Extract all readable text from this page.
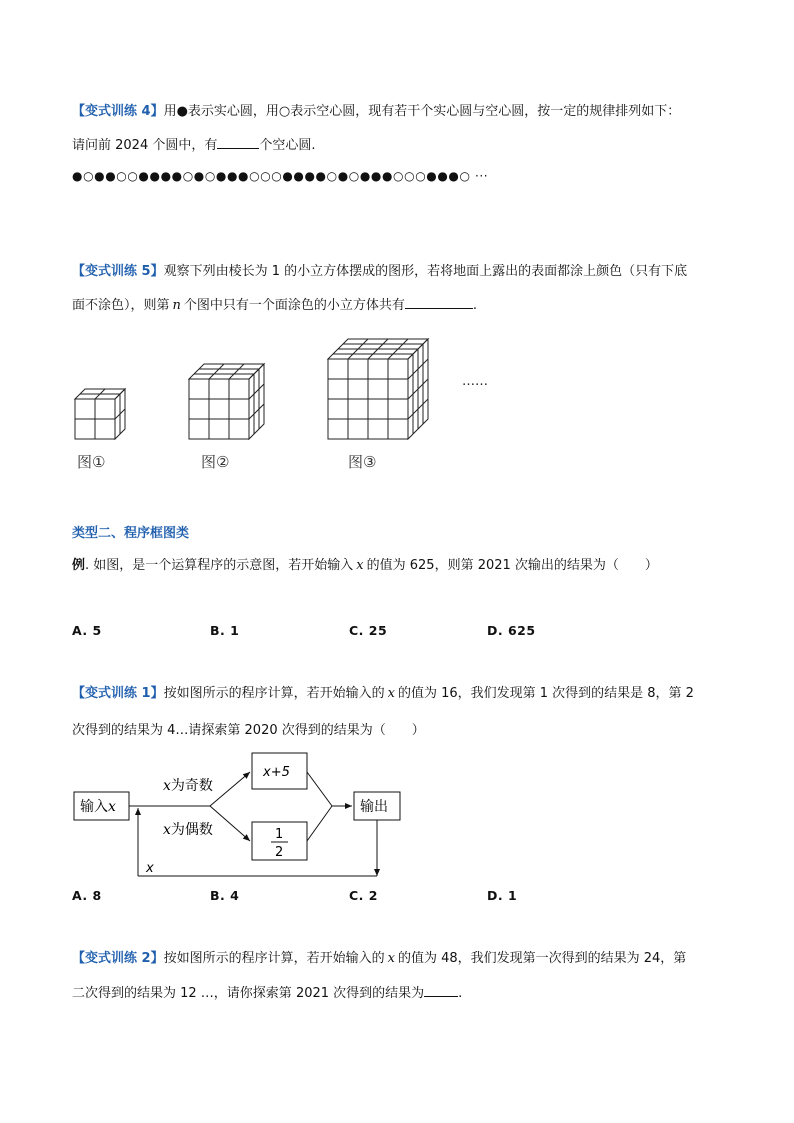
【变式训练 4】用●表示实心圆，用○表示空心圆，现有若干个实心圆与空心圆，按一定的规律排列如下：
请问前 2024 个圆中，有	个空心圆.
●○●●○○●●●●○●○●●●○○○●●●●○●○●●●○○○●●●○ ···
【变式训练 5】观察下列由棱长为 1 的小立方体摆成的图形，若将地面上露出的表面都涂上颜色（只有下底
面不涂色），则第 n 个图中只有一个面涂色的小立方体共有	.
……
图①	图②	图③
类型二、程序框图类
例. 如图，是一个运算程序的示意图，若开始输入 x 的值为 625，则第 2021 次输出的结果为（　　）
A. 5	B. 1	C. 25	D. 625
【变式训练 1】按如图所示的程序计算，若开始输入的 x 的值为 16，我们发现第 1 次得到的结果是 8，第 2
次得到的结果为 4…请探索第 2020 次得到的结果为（　　）
输入x
x为奇数
x为偶数
x+5
1
2
输出
x
A. 8	B. 4	C. 2	D. 1
【变式训练 2】按如图所示的程序计算，若开始输入的 x 的值为 48，我们发现第一次得到的结果为 24，第
二次得到的结果为 12 …，请你探索第 2021 次得到的结果为	.
